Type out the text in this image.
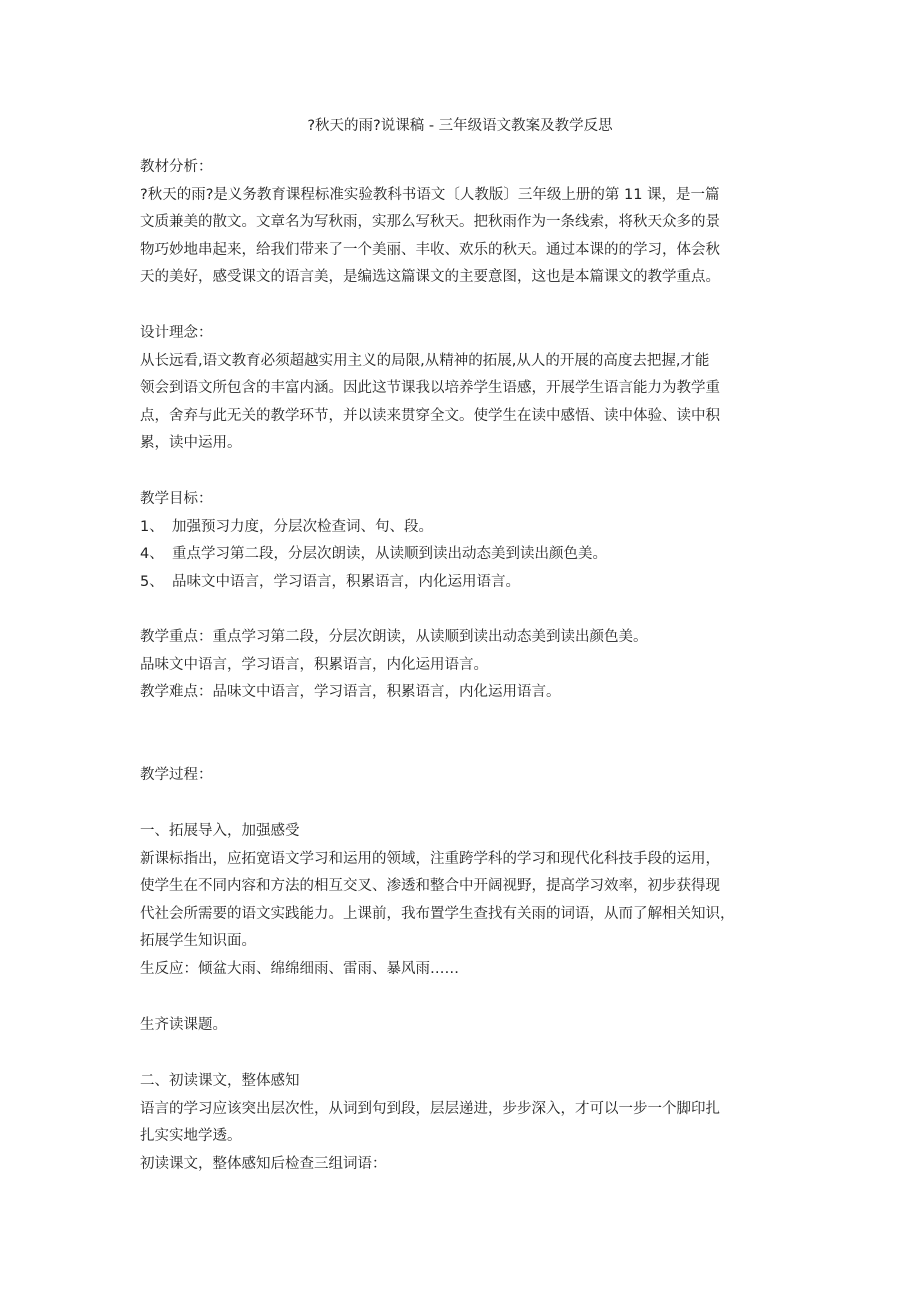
?秋天的雨?说课稿 - 三年级语文教案及教学反思
教材分析：
?秋天的雨?是义务教育课程标准实验教科书语文〔人教版〕三年级上册的第 11 课，是一篇
文质兼美的散文。文章名为写秋雨，实那么写秋天。把秋雨作为一条线索，将秋天众多的景
物巧妙地串起来，给我们带来了一个美丽、丰收、欢乐的秋天。通过本课的的学习，体会秋
天的美好，感受课文的语言美，是编选这篇课文的主要意图，这也是本篇课文的教学重点。
设计理念：
从长远看,语文教育必须超越实用主义的局限,从精神的拓展,从人的开展的高度去把握,才能
领会到语文所包含的丰富内涵。因此这节课我以培养学生语感，开展学生语言能力为教学重
点，舍弃与此无关的教学环节，并以读来贯穿全文。使学生在读中感悟、读中体验、读中积
累，读中运用。
教学目标：
1、 加强预习力度，分层次检查词、句、段。
4、 重点学习第二段，分层次朗读，从读顺到读出动态美到读出颜色美。
5、 品味文中语言，学习语言，积累语言，内化运用语言。
教学重点：重点学习第二段，分层次朗读，从读顺到读出动态美到读出颜色美。
品味文中语言，学习语言，积累语言，内化运用语言。
教学难点：品味文中语言，学习语言，积累语言，内化运用语言。
教学过程：
一、拓展导入，加强感受
新课标指出，应拓宽语文学习和运用的领域，注重跨学科的学习和现代化科技手段的运用，
使学生在不同内容和方法的相互交叉、渗透和整合中开阔视野，提高学习效率，初步获得现
代社会所需要的语文实践能力。上课前，我布置学生查找有关雨的词语，从而了解相关知识，
拓展学生知识面。
生反应：倾盆大雨、绵绵细雨、雷雨、暴风雨……
生齐读课题。
二、初读课文，整体感知
语言的学习应该突出层次性，从词到句到段，层层递进，步步深入，才可以一步一个脚印扎
扎实实地学透。
初读课文，整体感知后检查三组词语：
